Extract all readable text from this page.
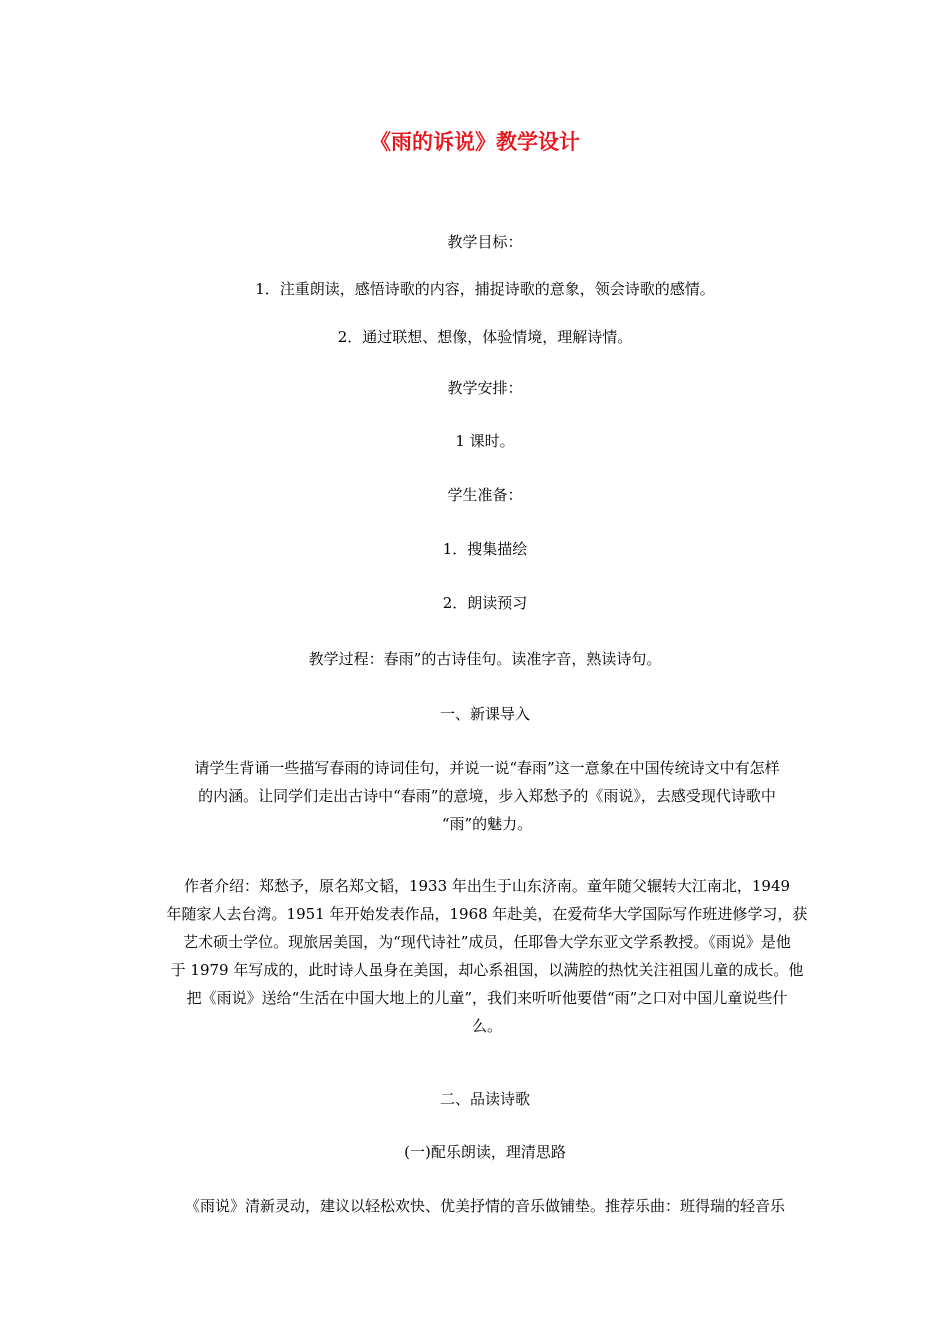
《雨的诉说》教学设计
教学目标：
1．注重朗读，感悟诗歌的内容，捕捉诗歌的意象，领会诗歌的感情。
2．通过联想、想像，体验情境，理解诗情。
教学安排：
1 课时。
学生准备：
1．搜集描绘
2．朗读预习
教学过程：春雨”的古诗佳句。读准字音，熟读诗句。
一、新课导入
请学生背诵一些描写春雨的诗词佳句，并说一说“春雨”这一意象在中国传统诗文中有怎样
的内涵。让同学们走出古诗中“春雨”的意境，步入郑愁予的《雨说》，去感受现代诗歌中
“雨”的魅力。
作者介绍：郑愁予，原名郑文韬，1933 年出生于山东济南。童年随父辗转大江南北，1949
年随家人去台湾。1951 年开始发表作品，1968 年赴美，在爱荷华大学国际写作班进修学习，获
艺术硕士学位。现旅居美国，为“现代诗社”成员，任耶鲁大学东亚文学系教授。《雨说》是他
于 1979 年写成的，此时诗人虽身在美国，却心系祖国，以满腔的热忱关注祖国儿童的成长。他
把《雨说》送给“生活在中国大地上的儿童”，我们来听听他要借“雨”之口对中国儿童说些什
么。
二、品读诗歌
(一)配乐朗读，理清思路
《雨说》清新灵动，建议以轻松欢快、优美抒情的音乐做铺垫。推荐乐曲：班得瑞的轻音乐
